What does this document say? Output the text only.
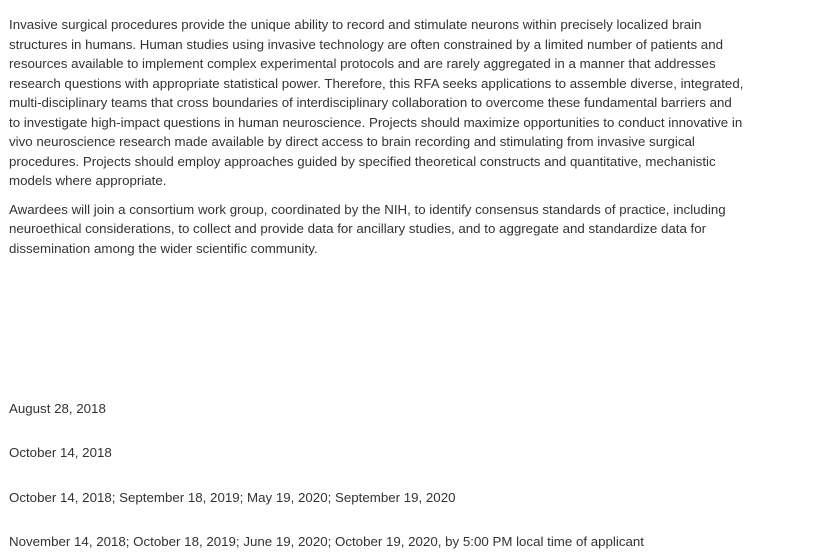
Invasive surgical procedures provide the unique ability to record and stimulate neurons within precisely localized brain structures in humans. Human studies using invasive technology are often constrained by a limited number of patients and resources available to implement complex experimental protocols and are rarely aggregated in a manner that addresses research questions with appropriate statistical power. Therefore, this RFA seeks applications to assemble diverse, integrated, multi-disciplinary teams that cross boundaries of interdisciplinary collaboration to overcome these fundamental barriers and to investigate high-impact questions in human neuroscience. Projects should maximize opportunities to conduct innovative in vivo neuroscience research made available by direct access to brain recording and stimulating from invasive surgical procedures. Projects should employ approaches guided by specified theoretical constructs and quantitative, mechanistic models where appropriate.

Awardees will join a consortium work group, coordinated by the NIH, to identify consensus standards of practice, including neuroethical considerations, to collect and provide data for ancillary studies, and to aggregate and standardize data for dissemination among the wider scientific community.

August 28, 2018
October 14, 2018
October 14, 2018; September 18, 2019; May 19, 2020; September 19, 2020
November 14, 2018; October 18, 2019; June 19, 2020; October 19, 2020, by 5:00 PM local time of applicant
